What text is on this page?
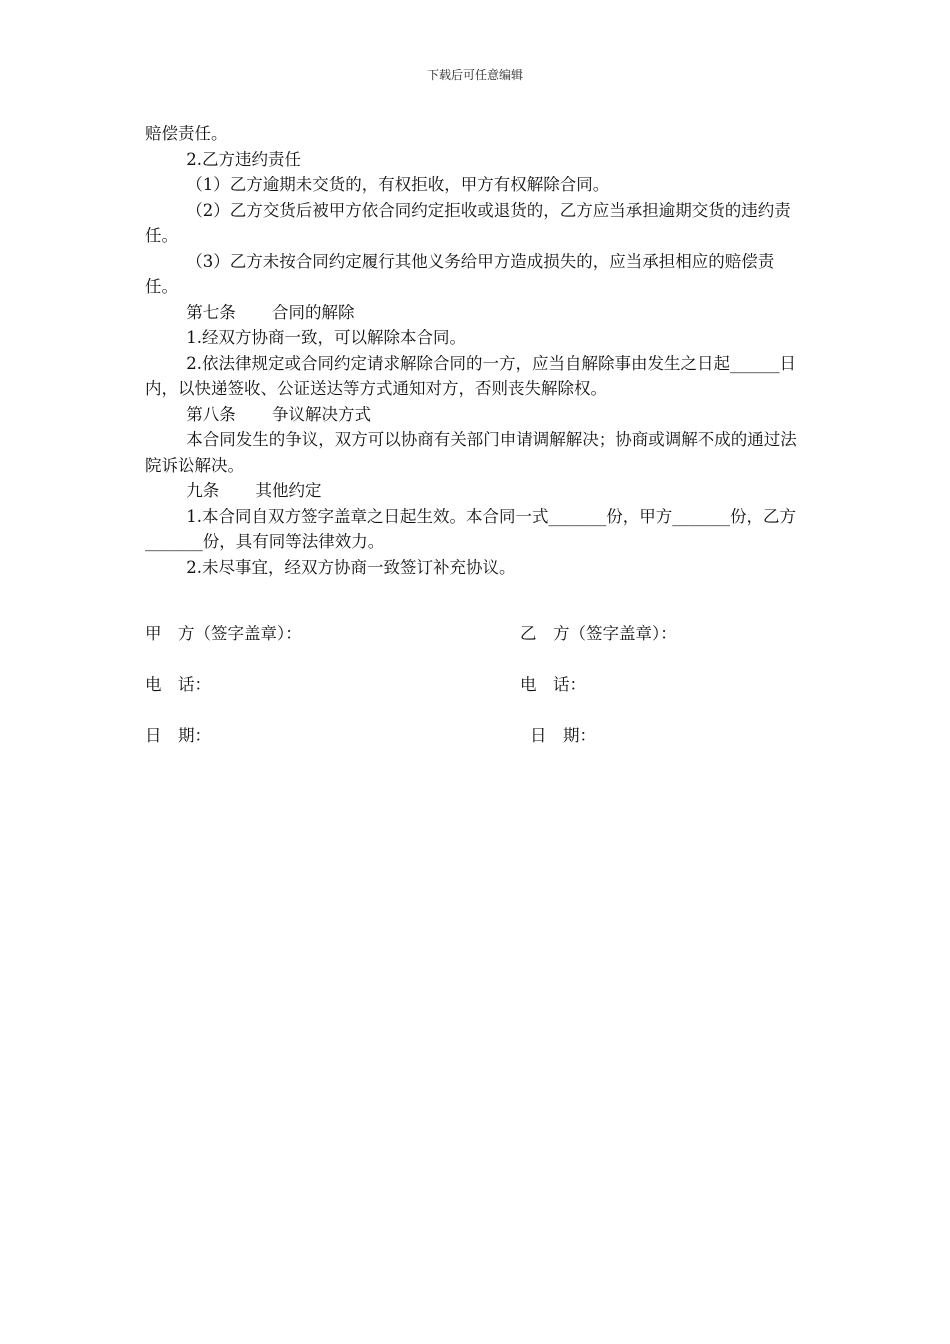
下载后可任意编辑

赔偿责任。

2.乙方违约责任

（1）乙方逾期未交货的，有权拒收，甲方有权解除合同。

（2）乙方交货后被甲方依合同约定拒收或退货的，乙方应当承担逾期交货的违约责任。

（3）乙方未按合同约定履行其他义务给甲方造成损失的，应当承担相应的赔偿责任。

第七条 合同的解除

1.经双方协商一致，可以解除本合同。

2.依法律规定或合同约定请求解除合同的一方，应当自解除事由发生之日起______日内，以快递签收、公证送达等方式通知对方，否则丧失解除权。

第八条 争议解决方式

本合同发生的争议，双方可以协商有关部门申请调解解决；协商或调解不成的通过法院诉讼解决。

九条 其他约定

1.本合同自双方签字盖章之日起生效。本合同一式_______份，甲方_______份，乙方_______份，具有同等法律效力。

2.未尽事宜，经双方协商一致签订补充协议。

甲　方（签字盖章）：	乙　方（签字盖章）：
电　话：	电　话：
日　期：	日　期：
